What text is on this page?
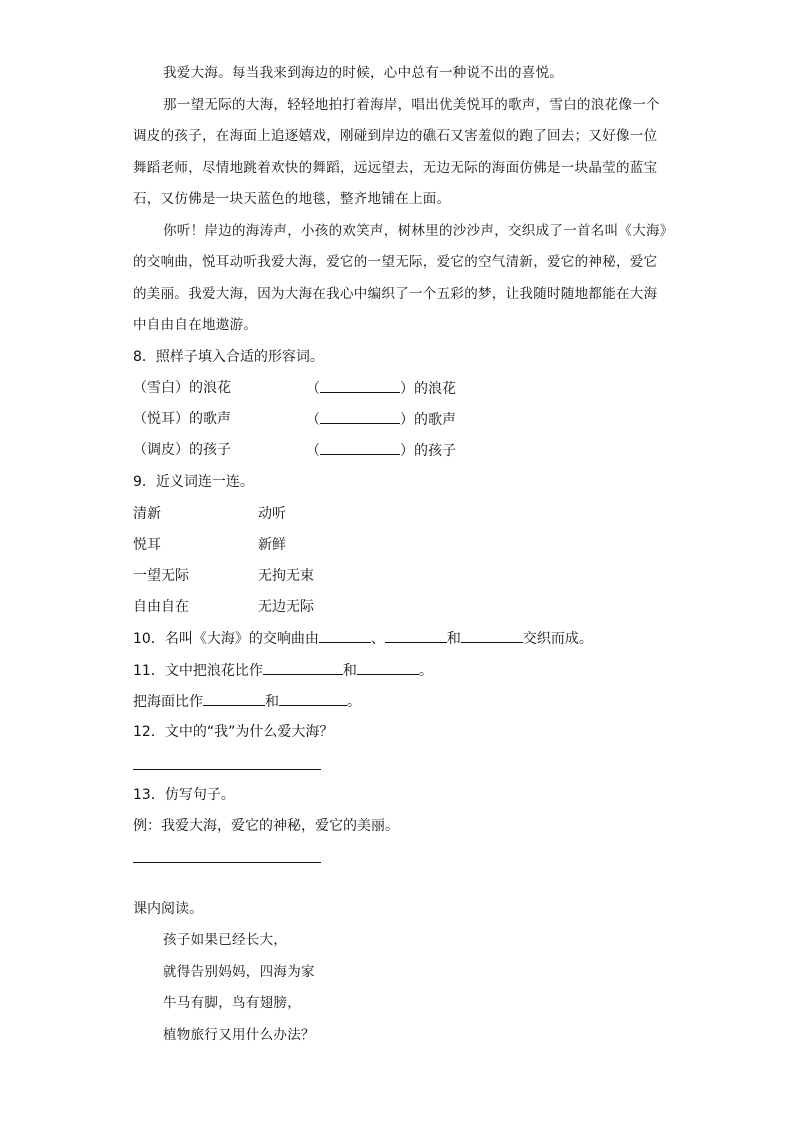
我爱大海。每当我来到海边的时候，心中总有一种说不出的喜悦。
那一望无际的大海，轻轻地拍打着海岸，唱出优美悦耳的歌声，雪白的浪花像一个
调皮的孩子，在海面上追逐嬉戏，刚碰到岸边的礁石又害羞似的跑了回去；又好像一位
舞蹈老师，尽情地跳着欢快的舞蹈，远远望去，无边无际的海面仿佛是一块晶莹的蓝宝
石，又仿佛是一块天蓝色的地毯，整齐地铺在上面。
你听！岸边的海涛声，小孩的欢笑声，树林里的沙沙声，交织成了一首名叫《大海》
的交响曲，悦耳动听我爱大海，爱它的一望无际，爱它的空气清新，爱它的神秘，爱它
的美丽。我爱大海，因为大海在我心中编织了一个五彩的梦，让我随时随地都能在大海
中自由自在地遨游。
8．照样子填入合适的形容词。
（雪白）的浪花	（	）的浪花
（悦耳）的歌声	（	）的歌声
（调皮）的孩子	（	）的孩子
9．近义词连一连。
清新	动听
悦耳	新鲜
一望无际	无拘无束
自由自在	无边无际
10．名叫《大海》的交响曲由	、	和	交织而成。
11．文中把浪花比作	和	。
把海面比作	和	。
12．文中的“我”为什么爱大海？
13．仿写句子。
例：我爱大海，爱它的神秘，爱它的美丽。
课内阅读。
孩子如果已经长大，
就得告别妈妈，四海为家
牛马有脚，鸟有翅膀，
植物旅行又用什么办法？
